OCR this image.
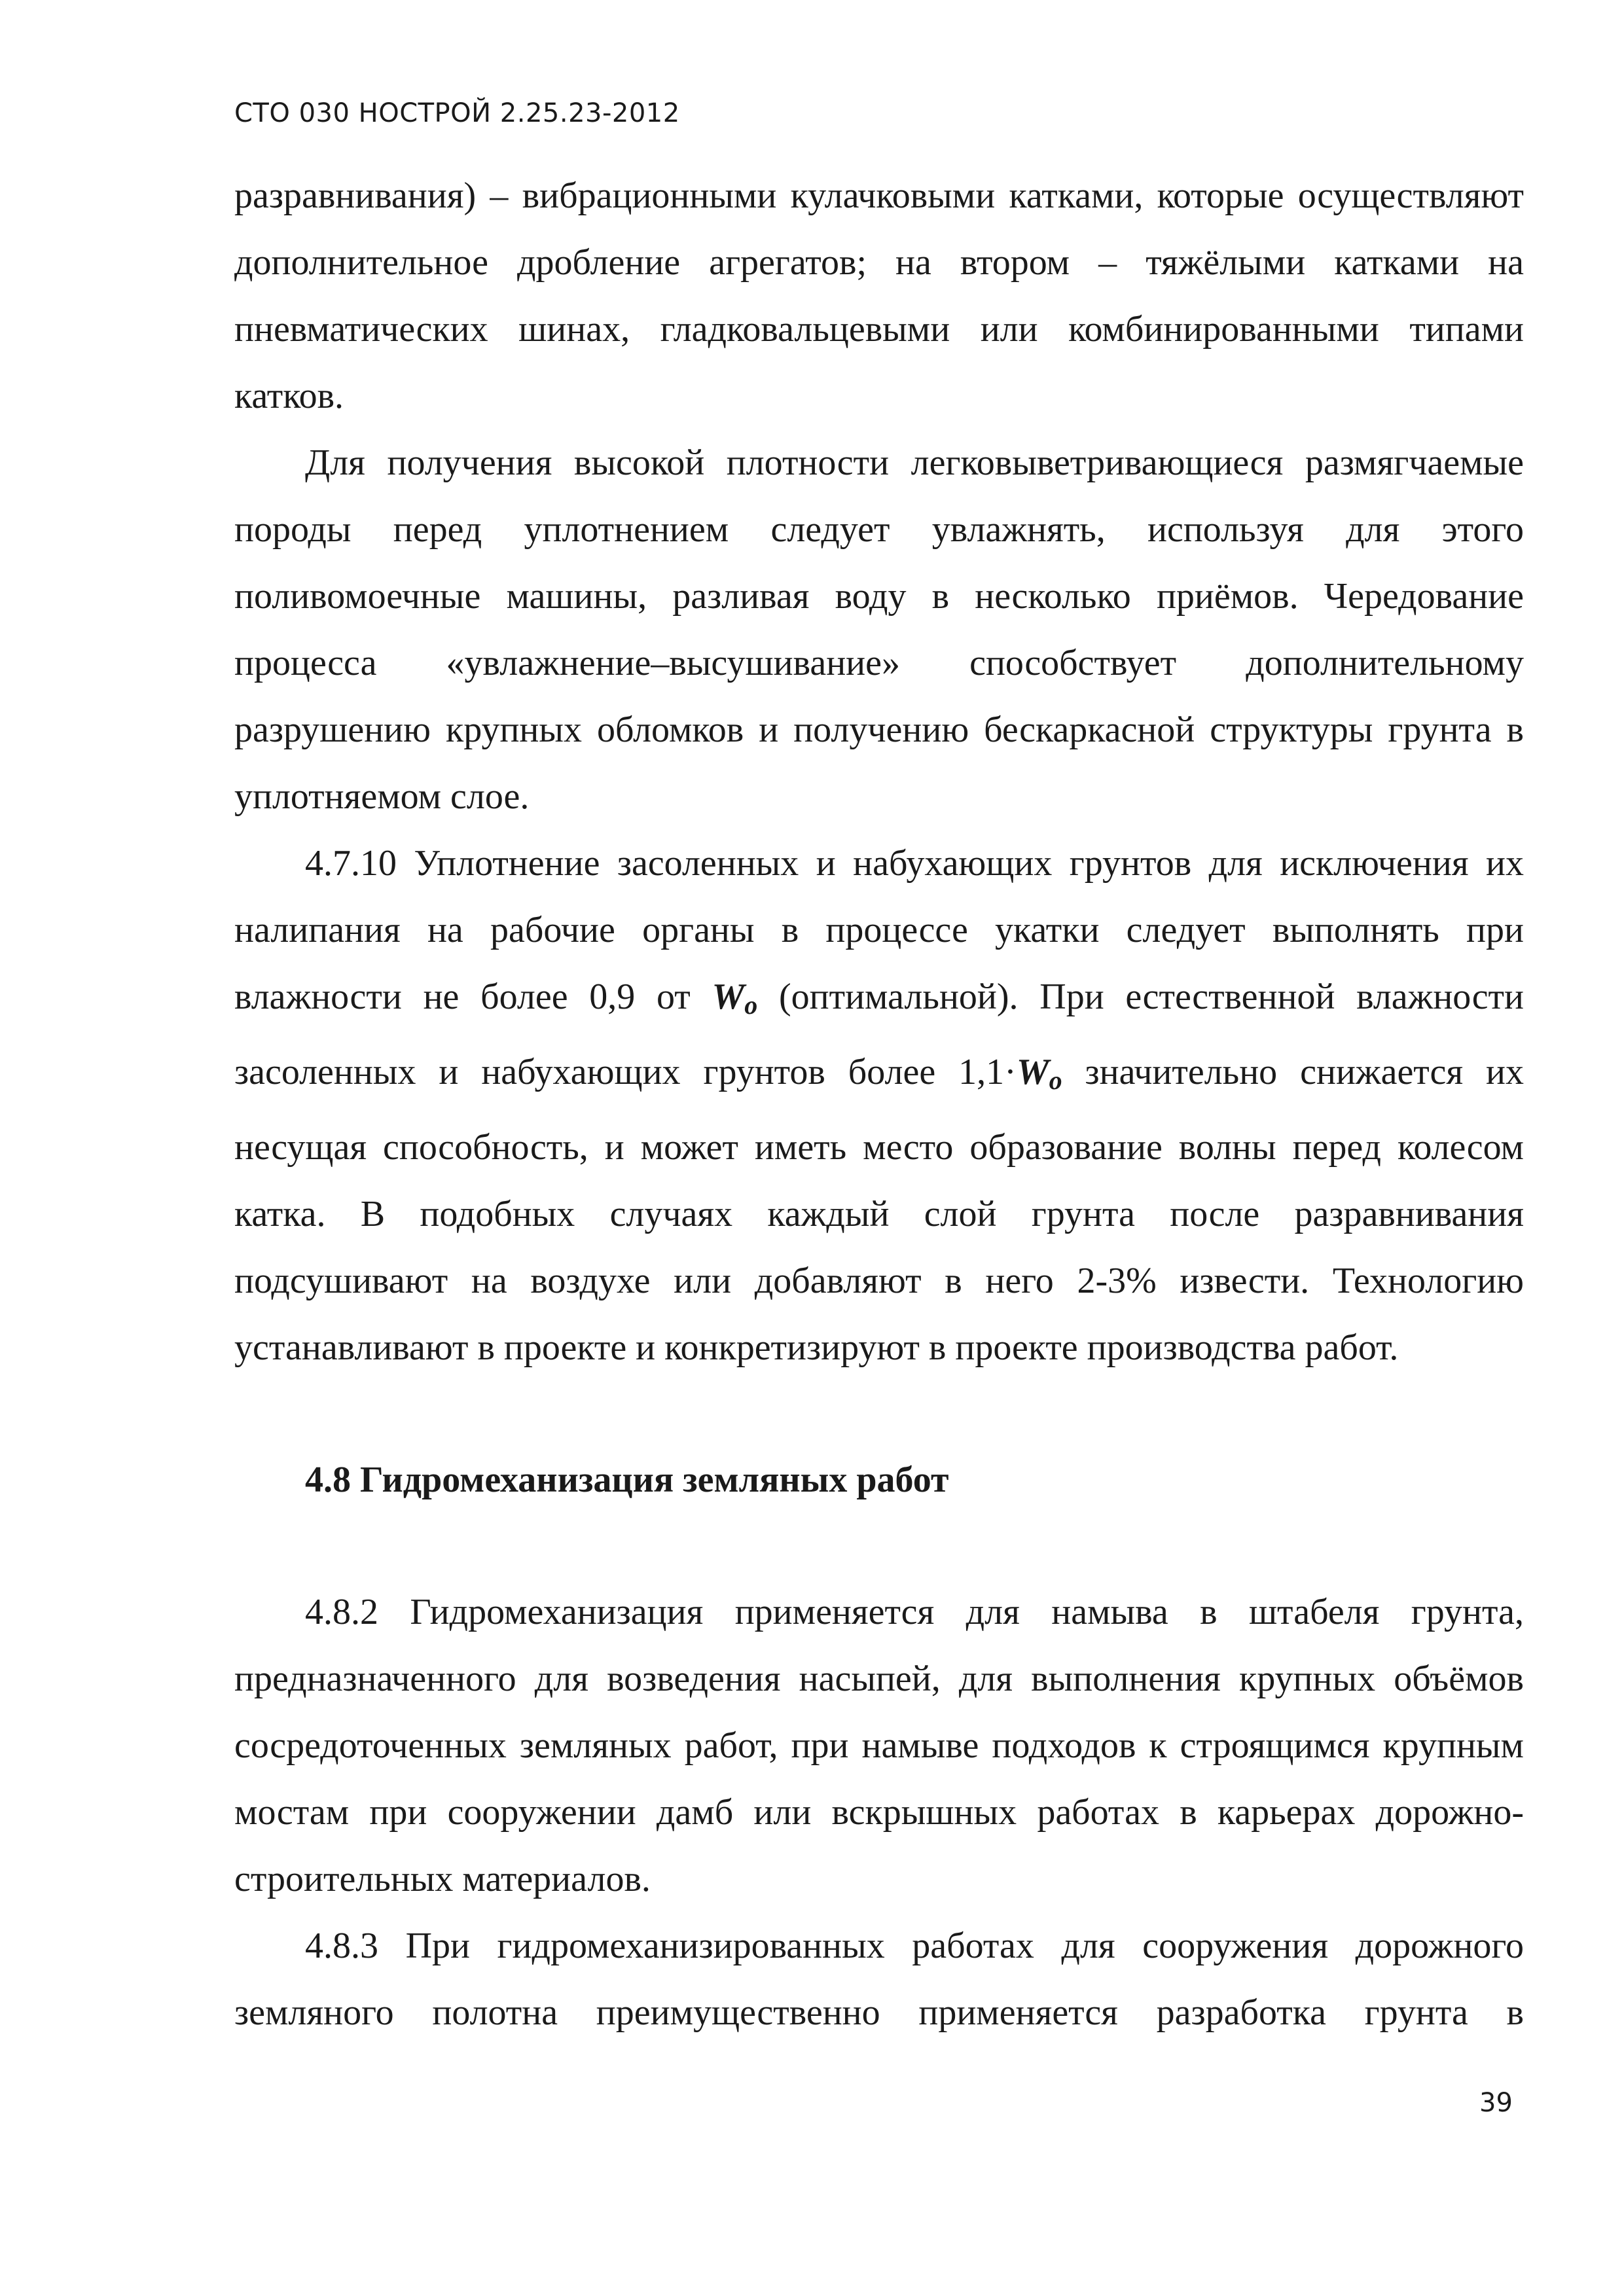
СТО 030 НОСТРОЙ 2.25.23-2012

разравнивания) – вибрационными кулачковыми катками, которые осуществляют дополнительное дробление агрегатов; на втором – тяжёлыми катками на пневматических шинах, гладковальцевыми или комбинированными типами катков.

Для получения высокой плотности легковыветривающиеся размягчаемые породы перед уплотнением следует увлажнять, используя для этого поливомоечные машины, разливая воду в несколько приёмов. Чередование процесса «увлажнение–высушивание» способствует дополнительному разрушению крупных обломков и получению бескаркасной структуры грунта в уплотняемом слое.

4.7.10 Уплотнение засоленных и набухающих грунтов для исключения их налипания на рабочие органы в процессе укатки следует выполнять при влажности не более 0,9 от Wo (оптимальной). При естественной влажности засоленных и набухающих грунтов более 1,1·Wo значительно снижается их несущая способность, и может иметь место образование волны перед колесом катка. В подобных случаях каждый слой грунта после разравнивания подсушивают на воздухе или добавляют в него 2-3% извести. Технологию устанавливают в проекте и конкретизируют в проекте производства работ.

4.8 Гидромеханизация земляных работ

4.8.2 Гидромеханизация применяется для намыва в штабеля грунта, предназначенного для возведения насыпей, для выполнения крупных объёмов сосредоточенных земляных работ, при намыве подходов к строящимся крупным мостам при сооружении дамб или вскрышных работах в карьерах дорожно-строительных материалов.

4.8.3 При гидромеханизированных работах для сооружения дорожного земляного полотна преимущественно применяется разработка грунта в

39
